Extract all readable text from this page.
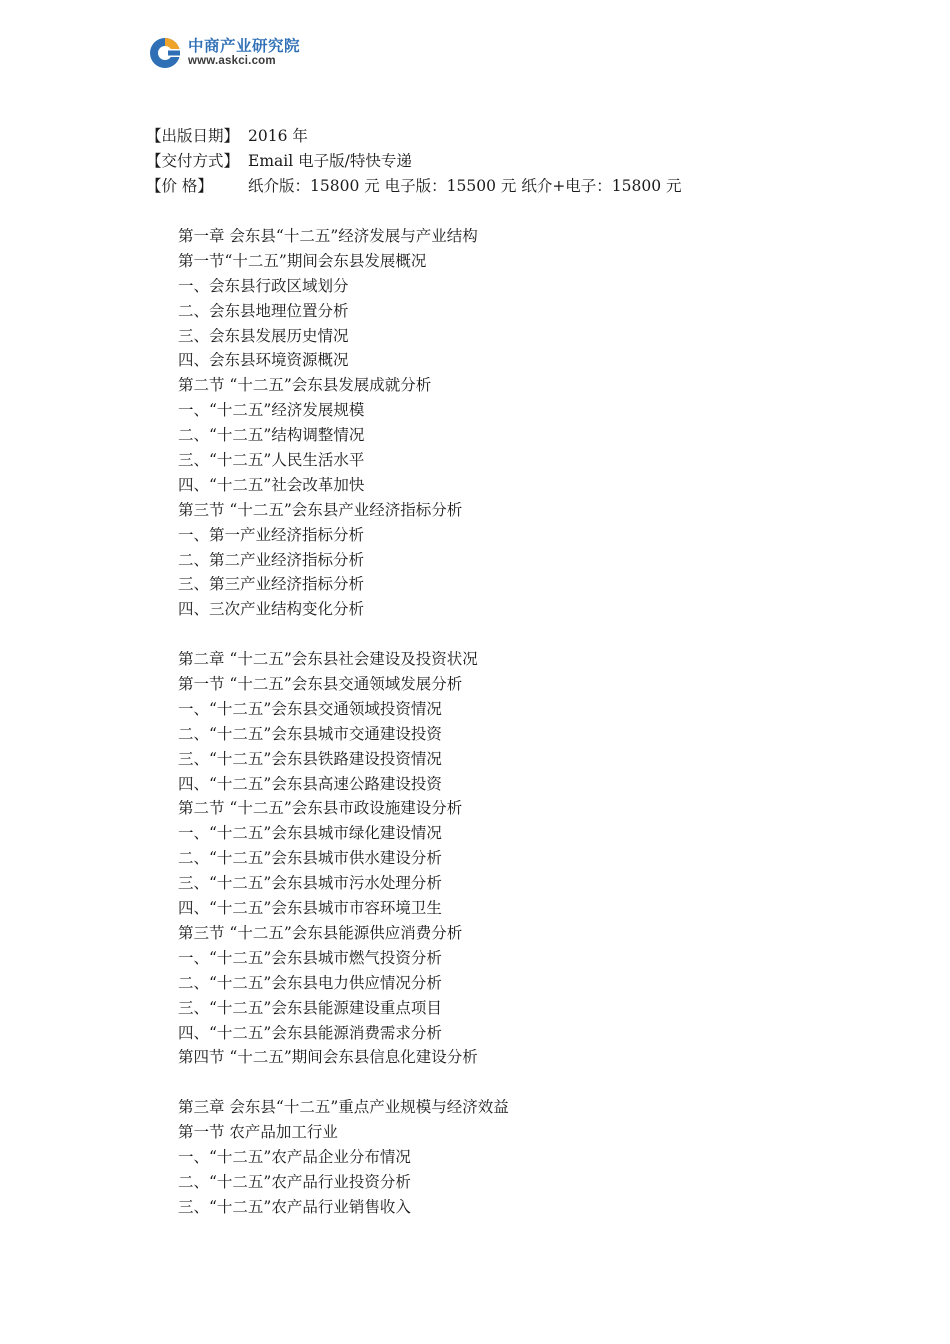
中商产业研究院
www.askci.com
【出版日期】 2016 年
【交付方式】 Email 电子版/特快专递
【价 格】 纸介版：15800 元 电子版：15500 元 纸介+电子：15800 元
第一章 会东县“十二五”经济发展与产业结构
第一节“十二五”期间会东县发展概况
一、会东县行政区域划分
二、会东县地理位置分析
三、会东县发展历史情况
四、会东县环境资源概况
第二节 “十二五”会东县发展成就分析
一、“十二五”经济发展规模
二、“十二五”结构调整情况
三、“十二五”人民生活水平
四、“十二五”社会改革加快
第三节 “十二五”会东县产业经济指标分析
一、第一产业经济指标分析
二、第二产业经济指标分析
三、第三产业经济指标分析
四、三次产业结构变化分析
第二章 “十二五”会东县社会建设及投资状况
第一节 “十二五”会东县交通领域发展分析
一、“十二五”会东县交通领域投资情况
二、“十二五”会东县城市交通建设投资
三、“十二五”会东县铁路建设投资情况
四、“十二五”会东县高速公路建设投资
第二节 “十二五”会东县市政设施建设分析
一、“十二五”会东县城市绿化建设情况
二、“十二五”会东县城市供水建设分析
三、“十二五”会东县城市污水处理分析
四、“十二五”会东县城市市容环境卫生
第三节 “十二五”会东县能源供应消费分析
一、“十二五”会东县城市燃气投资分析
二、“十二五”会东县电力供应情况分析
三、“十二五”会东县能源建设重点项目
四、“十二五”会东县能源消费需求分析
第四节 “十二五”期间会东县信息化建设分析
第三章 会东县“十二五”重点产业规模与经济效益
第一节 农产品加工行业
一、“十二五”农产品企业分布情况
二、“十二五”农产品行业投资分析
三、“十二五”农产品行业销售收入
